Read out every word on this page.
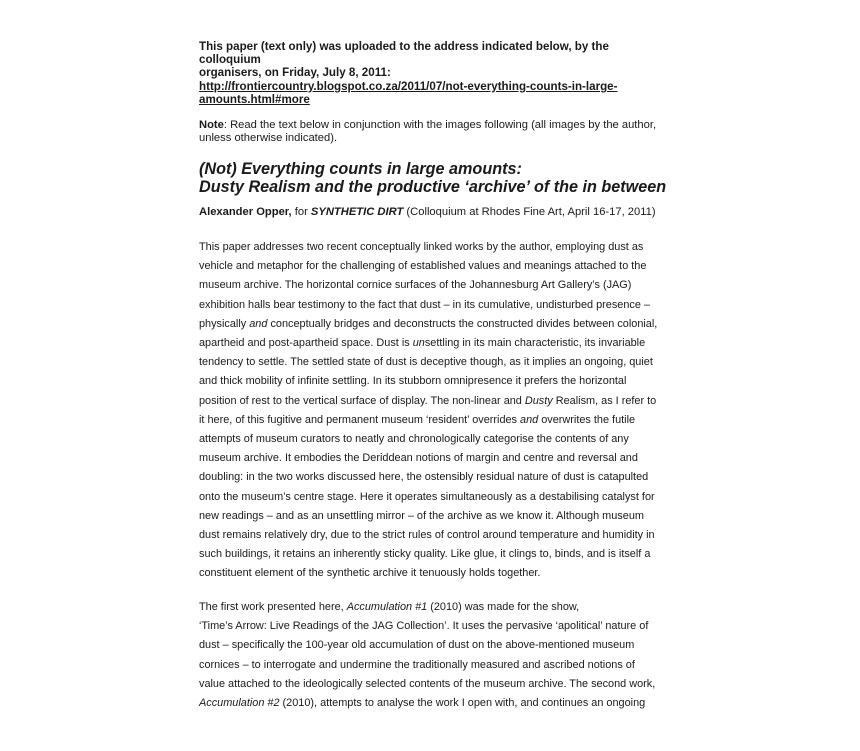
This paper (text only) was uploaded to the address indicated below, by the colloquium
organisers, on Friday, July 8, 2011:
http://frontiercountry.blogspot.co.za/2011/07/not-everything-counts-in-large-
amounts.html#more
Note: Read the text below in conjunction with the images following (all images by the author,
unless otherwise indicated).
(Not) Everything counts in large amounts:
Dusty Realism and the productive ‘archive’ of the in between
Alexander Opper, for SYNTHETIC DIRT (Colloquium at Rhodes Fine Art, April 16-17, 2011)
This paper addresses two recent conceptually linked works by the author, employing dust as
vehicle and metaphor for the challenging of established values and meanings attached to the
museum archive. The horizontal cornice surfaces of the Johannesburg Art Gallery’s (JAG)
exhibition halls bear testimony to the fact that dust – in its cumulative, undisturbed presence –
physically and conceptually bridges and deconstructs the constructed divides between colonial,
apartheid and post-apartheid space. Dust is unsettling in its main characteristic, its invariable
tendency to settle. The settled state of dust is deceptive though, as it implies an ongoing, quiet
and thick mobility of infinite settling. In its stubborn omnipresence it prefers the horizontal
position of rest to the vertical surface of display. The non-linear and Dusty Realism, as I refer to
it here, of this fugitive and permanent museum ‘resident’ overrides and overwrites the futile
attempts of museum curators to neatly and chronologically categorise the contents of any
museum archive. It embodies the Deriddean notions of margin and centre and reversal and
doubling: in the two works discussed here, the ostensibly residual nature of dust is catapulted
onto the museum’s centre stage. Here it operates simultaneously as a destabilising catalyst for
new readings – and as an unsettling mirror – of the archive as we know it. Although museum
dust remains relatively dry, due to the strict rules of control around temperature and humidity in
such buildings, it retains an inherently sticky quality. Like glue, it clings to, binds, and is itself a
constituent element of the synthetic archive it tenuously holds together.
The first work presented here, Accumulation #1 (2010) was made for the show,
‘Time’s Arrow: Live Readings of the JAG Collection’. It uses the pervasive ‘apolitical’ nature of
dust – specifically the 100-year old accumulation of dust on the above-mentioned museum
cornices – to interrogate and undermine the traditionally measured and ascribed notions of
value attached to the ideologically selected contents of the museum archive. The second work,
Accumulation #2 (2010), attempts to analyse the work I open with, and continues an ongoing
